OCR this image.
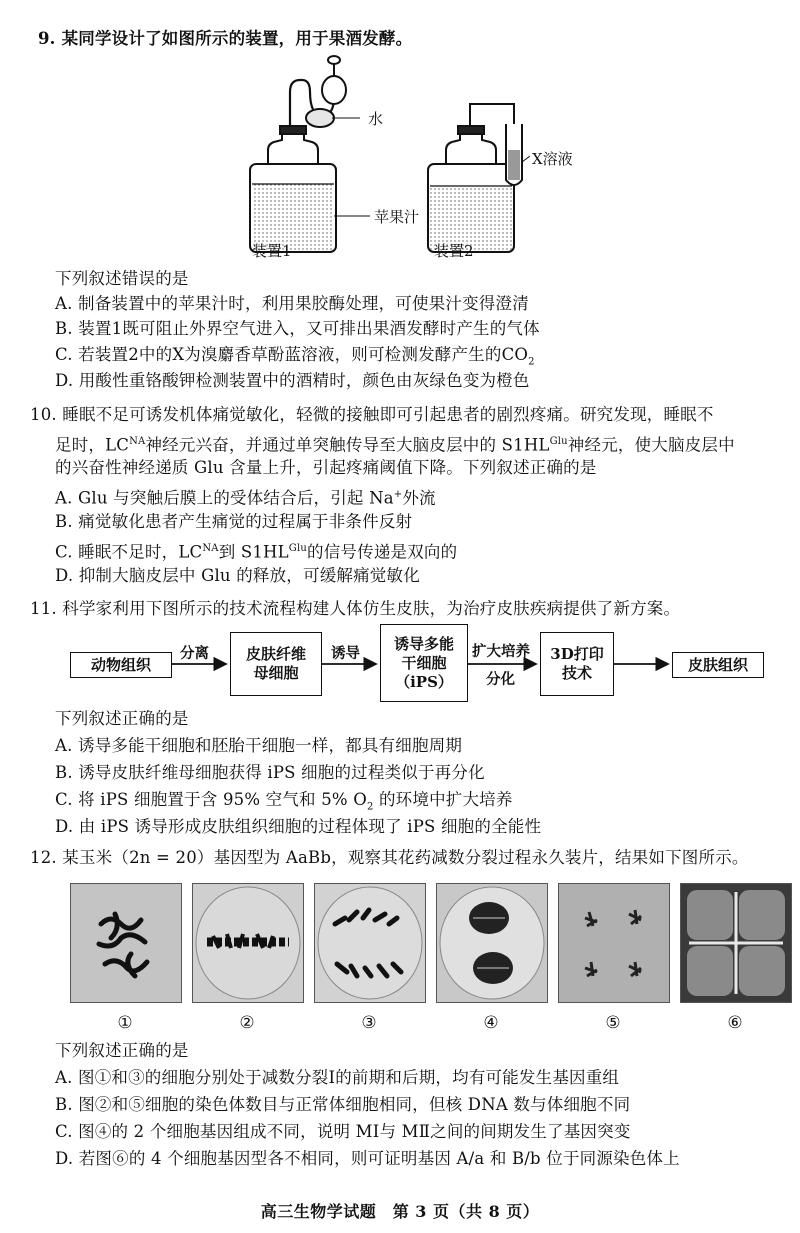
9. 某同学设计了如图所示的装置，用于果酒发酵。
水
X溶液
苹果汁
装置1	装置2
下列叙述错误的是
A. 制备装置中的苹果汁时，利用果胶酶处理，可使果汁变得澄清
B. 装置1既可阻止外界空气进入，又可排出果酒发酵时产生的气体
C. 若装置2中的X为溴麝香草酚蓝溶液，则可检测发酵产生的$CO_2$
D. 用酸性重铬酸钾检测装置中的酒精时，颜色由灰绿色变为橙色
10. 睡眠不足可诱发机体痛觉敏化，轻微的接触即可引起患者的剧烈疼痛。研究发现，睡眠不
足时，$LC^{NA}$神经元兴奋，并通过单突触传导至大脑皮层中的 $S1HL^{Glu}$神经元，使大脑皮层中
的兴奋性神经递质 Glu 含量上升，引起疼痛阈值下降。下列叙述正确的是
A. Glu 与突触后膜上的受体结合后，引起 Na+外流
B. 痛觉敏化患者产生痛觉的过程属于非条件反射
C. 睡眠不足时，$LC^{NA}$到 $S1HL^{Glu}$的信号传递是双向的
D. 抑制大脑皮层中 Glu 的释放，可缓解痛觉敏化
11. 科学家利用下图所示的技术流程构建人体仿生皮肤，为治疗皮肤疾病提供了新方案。
动物组织
分离 皮肤纤维
母细胞
诱导
诱导多能
干细胞
（iPS）
扩大培养
分化
3D打印
技术	皮肤组织
下列叙述正确的是
A. 诱导多能干细胞和胚胎干细胞一样，都具有细胞周期
B. 诱导皮肤纤维母细胞获得 iPS 细胞的过程类似于再分化
C. 将 iPS 细胞置于含 95% 空气和 5% $O_2$ 的环境中扩大培养
D. 由 iPS 诱导形成皮肤组织细胞的过程体现了 iPS 细胞的全能性
12. 某玉米（2n = 20）基因型为 AaBb，观察其花药减数分裂过程永久装片，结果如下图所示。
①	②	③	④	⑤	⑥
下列叙述正确的是
A. 图①和③的细胞分别处于减数分裂Ⅰ的前期和后期，均有可能发生基因重组
B. 图②和⑤细胞的染色体数目与正常体细胞相同，但核 DNA 数与体细胞不同
C. 图④的 2 个细胞基因组成不同，说明 MⅠ与 MⅡ之间的间期发生了基因突变
D. 若图⑥的 4 个细胞基因型各不相同，则可证明基因 A/a 和 B/b 位于同源染色体上
高三生物学试题　第 3 页（共 8 页）
